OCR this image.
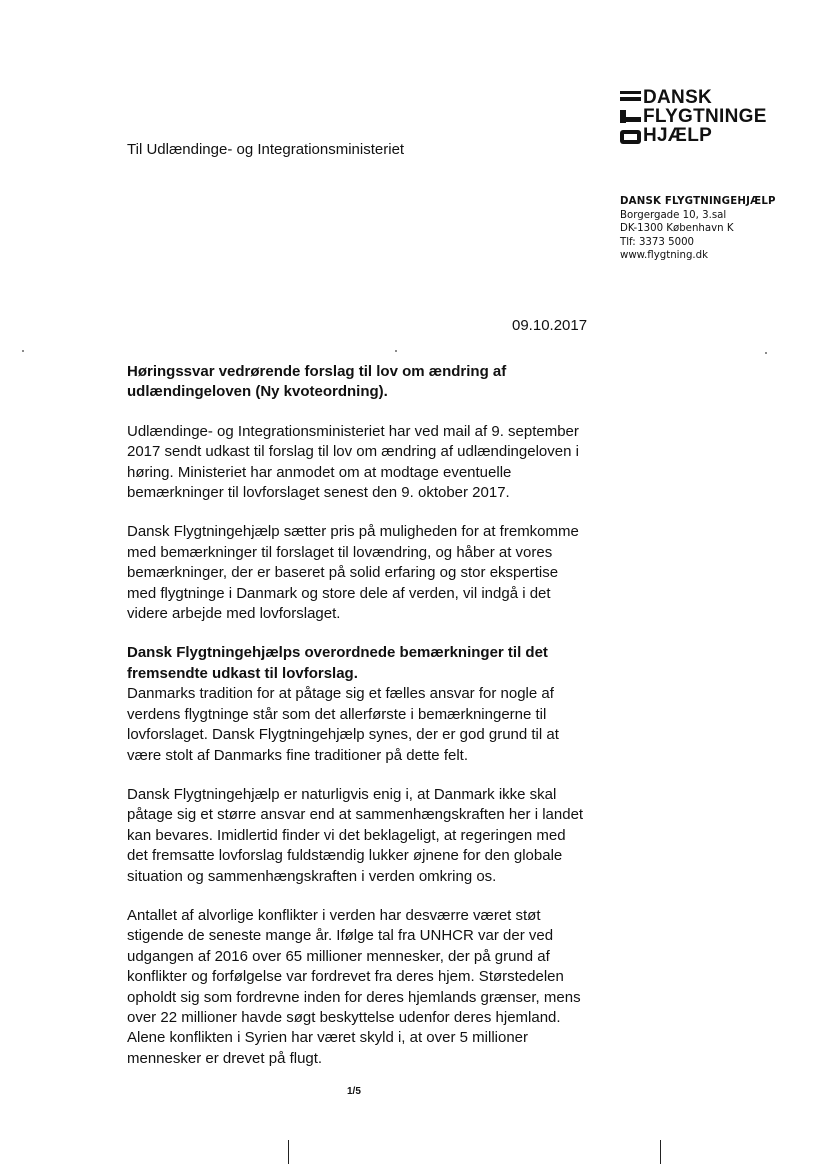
DANSK
FLYGTNINGE
HJÆLP
Til Udlændinge- og Integrationsministeriet
DANSK FLYGTNINGEHJÆLP
Borgergade 10, 3.sal
DK-1300 København K
Tlf: 3373 5000
www.flygtning.dk
09.10.2017

Høringssvar vedrørende forslag til lov om ændring af udlændingeloven (Ny kvoteordning).

Udlændinge- og Integrationsministeriet har ved mail af 9. september 2017 sendt udkast til forslag til lov om ændring af udlændingeloven i høring. Ministeriet har anmodet om at modtage eventuelle bemærkninger til lovforslaget senest den 9. oktober 2017.

Dansk Flygtningehjælp sætter pris på muligheden for at fremkomme med bemærkninger til forslaget til lovændring, og håber at vores bemærkninger, der er baseret på solid erfaring og stor ekspertise med flygtninge i Danmark og store dele af verden, vil indgå i det videre arbejde med lovforslaget.

Dansk Flygtningehjælps overordnede bemærkninger til det fremsendte udkast til lovforslag.

Danmarks tradition for at påtage sig et fælles ansvar for nogle af verdens flygtninge står som det allerførste i bemærkningerne til lovforslaget. Dansk Flygtningehjælp synes, der er god grund til at være stolt af Danmarks fine traditioner på dette felt.

Dansk Flygtningehjælp er naturligvis enig i, at Danmark ikke skal påtage sig et større ansvar end at sammenhængskraften her i landet kan bevares. Imidlertid finder vi det beklageligt, at regeringen med det fremsatte lovforslag fuldstændig lukker øjnene for den globale situation og sammenhængskraften i verden omkring os.

Antallet af alvorlige konflikter i verden har desværre været støt stigende de seneste mange år. Ifølge tal fra UNHCR var der ved udgangen af 2016 over 65 millioner mennesker, der på grund af konflikter og forfølgelse var fordrevet fra deres hjem. Størstedelen opholdt sig som fordrevne inden for deres hjemlands grænser, mens over 22 millioner havde søgt beskyttelse udenfor deres hjemland. Alene konflikten i Syrien har været skyld i, at over 5 millioner mennesker er drevet på flugt.

1/5
